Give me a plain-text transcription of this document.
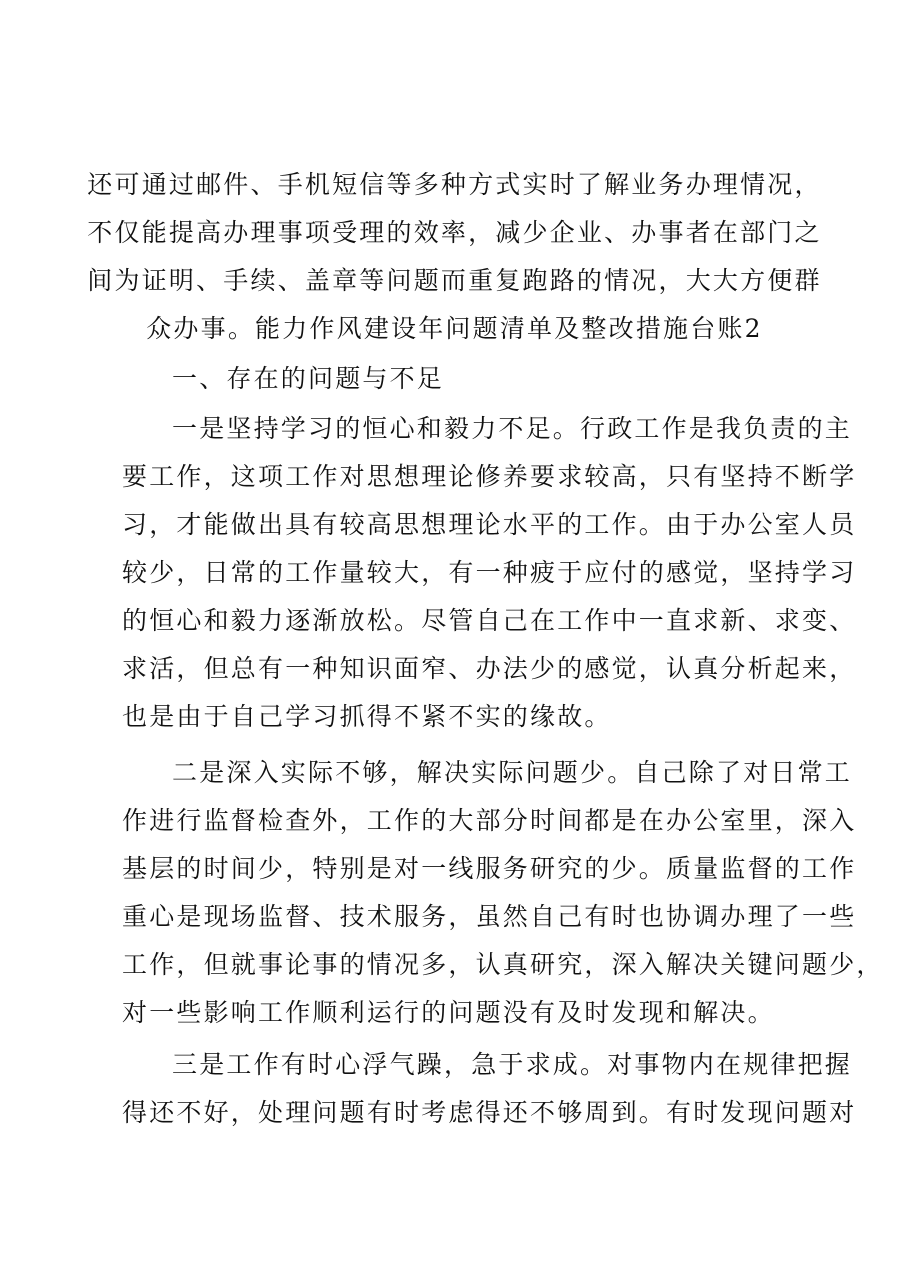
还可通过邮件、手机短信等多种方式实时了解业务办理情况，
不仅能提高办理事项受理的效率，减少企业、办事者在部门之
间为证明、手续、盖章等问题而重复跑路的情况，大大方便群
众办事。能力作风建设年问题清单及整改措施台账2
一、存在的问题与不足
一是坚持学习的恒心和毅力不足。行政工作是我负责的主
要工作，这项工作对思想理论修养要求较高，只有坚持不断学
习，才能做出具有较高思想理论水平的工作。由于办公室人员
较少，日常的工作量较大，有一种疲于应付的感觉，坚持学习
的恒心和毅力逐渐放松。尽管自己在工作中一直求新、求变、
求活，但总有一种知识面窄、办法少的感觉，认真分析起来，
也是由于自己学习抓得不紧不实的缘故。
二是深入实际不够，解决实际问题少。自己除了对日常工
作进行监督检查外，工作的大部分时间都是在办公室里，深入
基层的时间少，特别是对一线服务研究的少。质量监督的工作
重心是现场监督、技术服务，虽然自己有时也协调办理了一些
工作，但就事论事的情况多，认真研究，深入解决关键问题少，
对一些影响工作顺利运行的问题没有及时发现和解决。
三是工作有时心浮气躁，急于求成。对事物内在规律把握
得还不好，处理问题有时考虑得还不够周到。有时发现问题对
